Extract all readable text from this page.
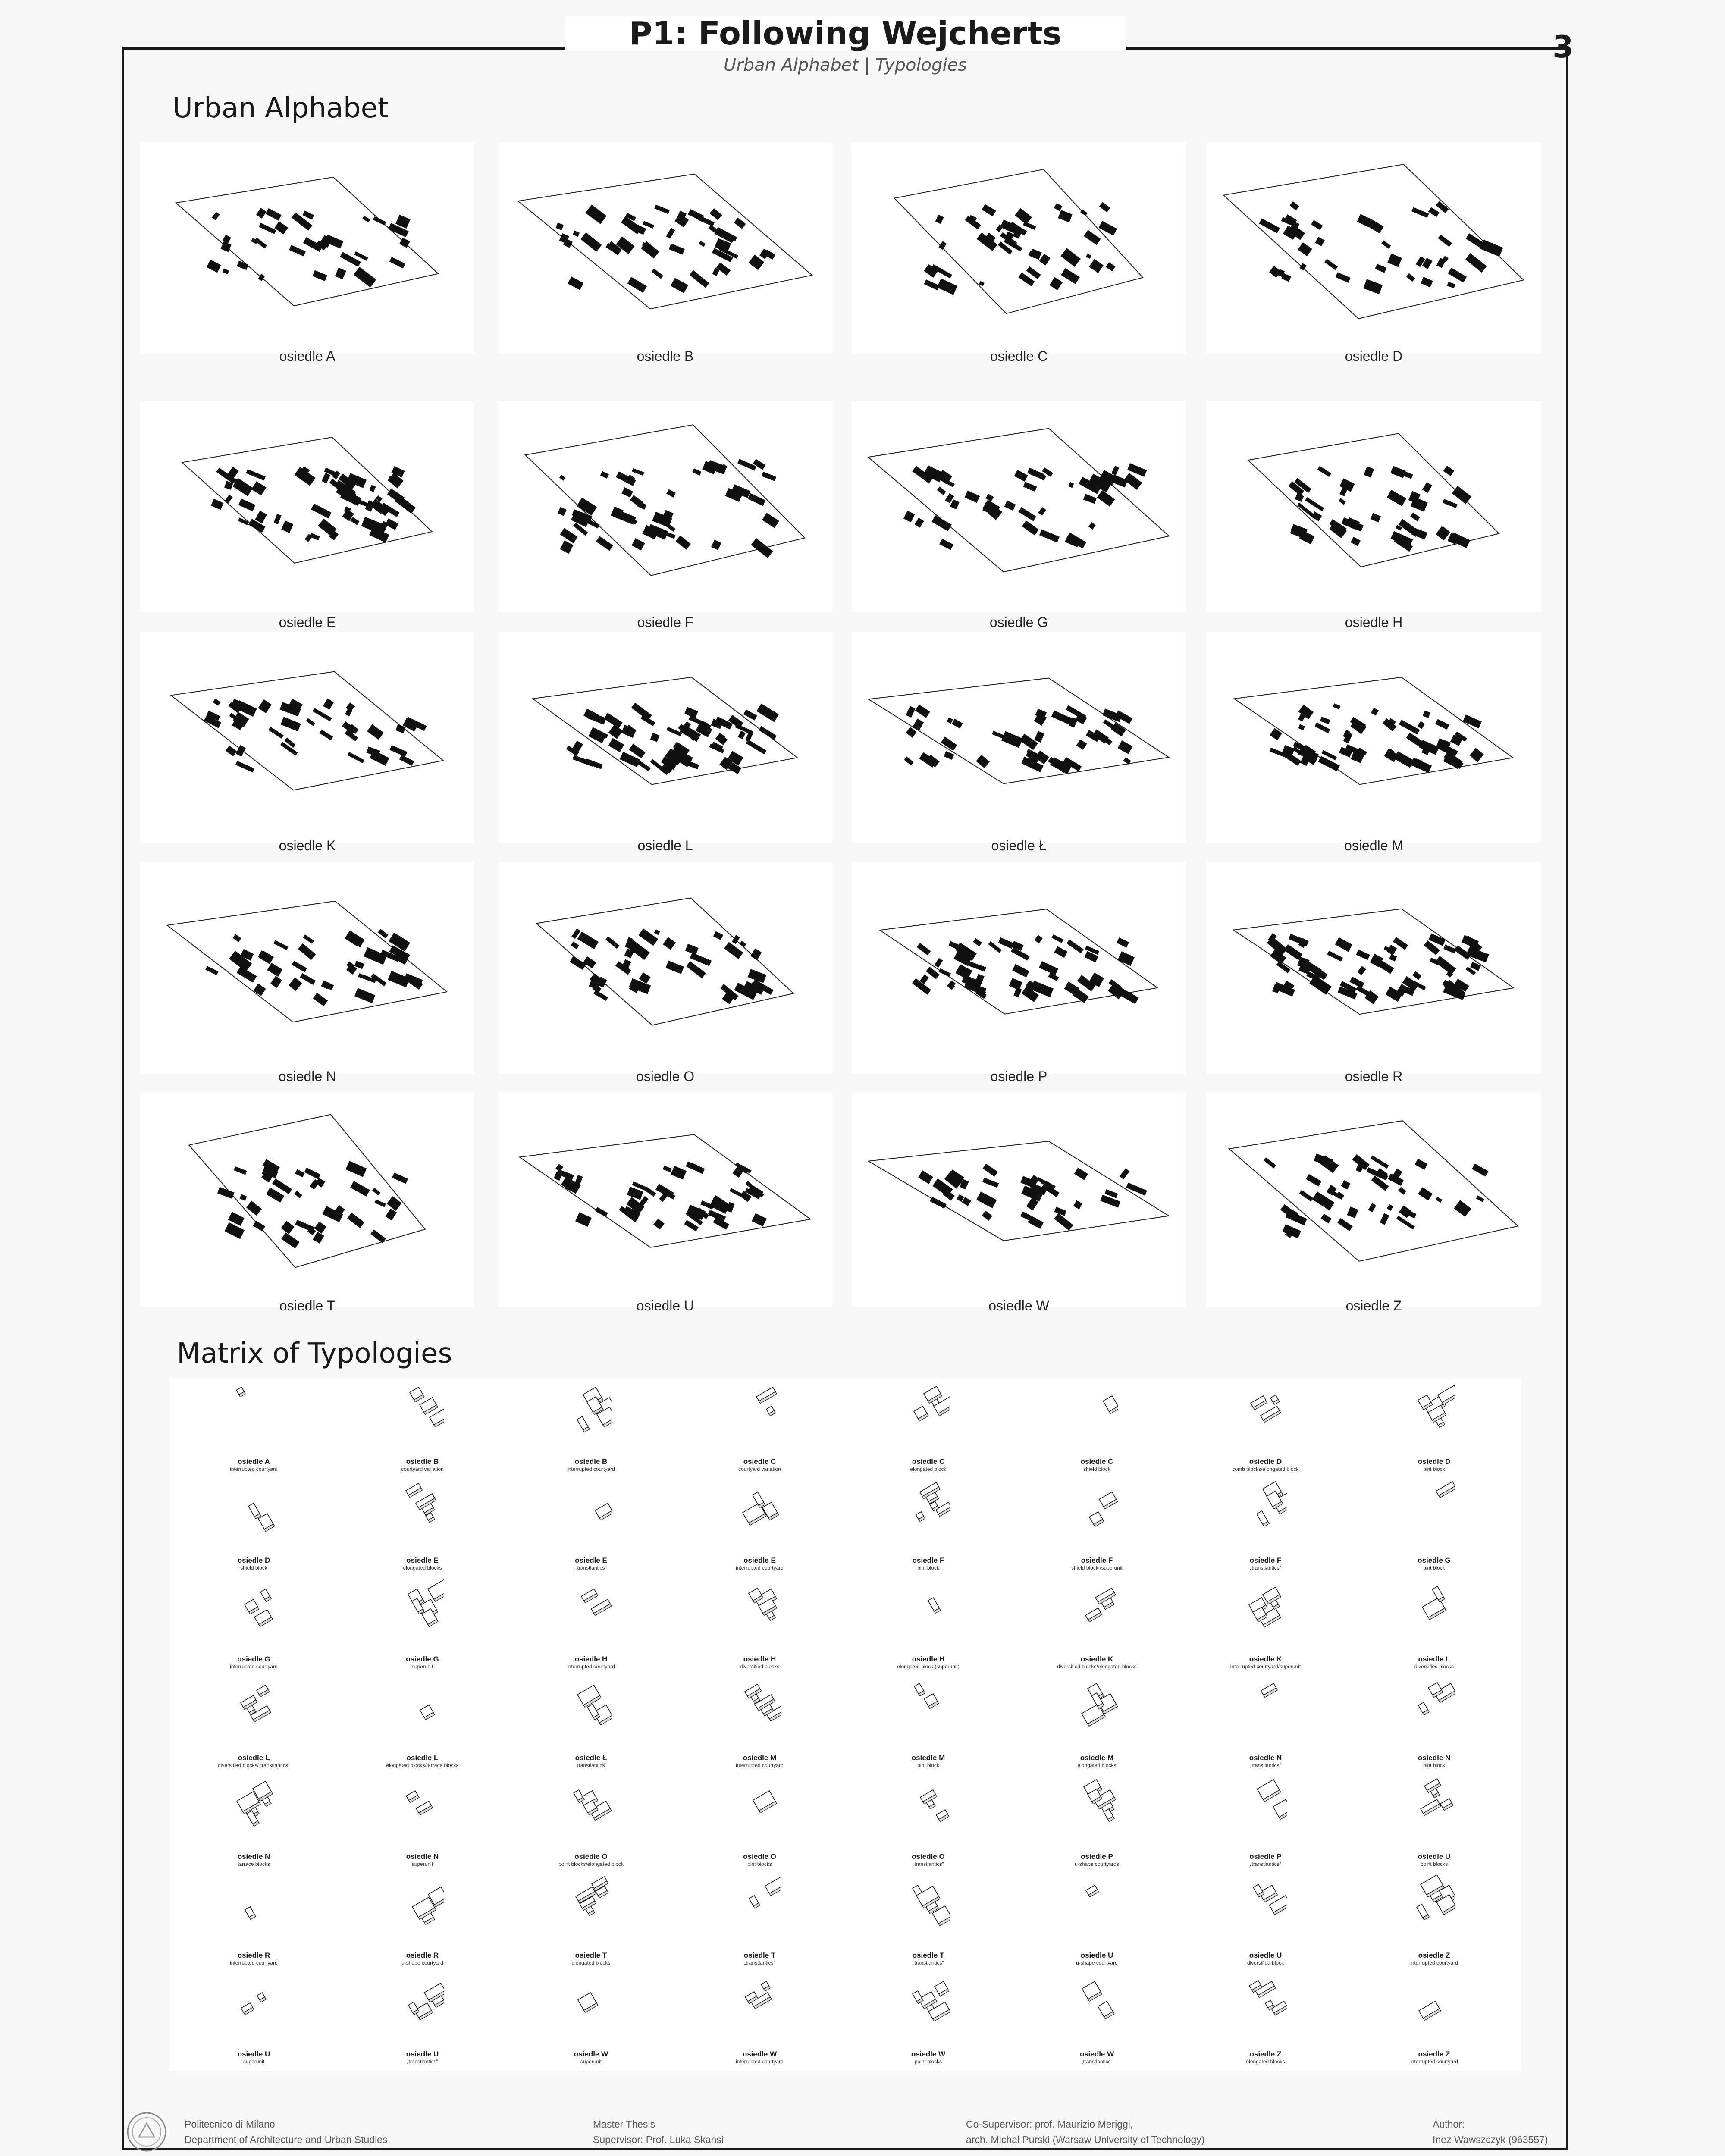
P1: Following Wejcherts
Urban Alphabet | Typologies
3
Urban Alphabet
osiedle A	osiedle B	osiedle C	osiedle D
osiedle E	osiedle F	osiedle G	osiedle H
osiedle K	osiedle L	osiedle Ł	osiedle M
osiedle N	osiedle O	osiedle P	osiedle R
osiedle T	osiedle U	osiedle W	osiedle Z
Matrix of Typologies
osiedle A
interrupted courtyard
osiedle B
courtyard variation
osiedle B
interrupted courtyard
osiedle C
courtyard variation
osiedle C
elongated block
osiedle C
shield block
osiedle D
comb blocks/elongated block
osiedle D
pint block
osiedle D
shield block
osiedle E
elongated blocks
osiedle E
„transtlantics”
osiedle E
interrupted courtyard
osiedle F
pint block
osiedle F
shield block /superunit
osiedle F
„transtlantics”
osiedle G
pint block
osiedle G
interrupted courtyard
osiedle G
superunit
osiedle H
interrupted courtyard
osiedle H
diversified blocks
osiedle H
elongated block (superunit)
osiedle K
diversified blocks/elongated blocks
osiedle K
interrupted courtyard/superunit
osiedle L
diversified blocks
osiedle L
diversified blocks/„transtlantics”
osiedle L
elongated blocks/tarrace blocks
osiedle Ł
„transtlantics”
osiedle M
interrupted courtyard
osiedle M
pint block
osiedle M
elongated blocks
osiedle N
„transtlantics”
osiedle N
pint block
osiedle N
tarrace blocks
osiedle N
superunit
osiedle O
point blocks/elongated block
osiedle O
pint blocks
osiedle O
„transtlantics”
osiedle P
u-shape courtyards
osiedle P
„transtlantics”
osiedle U
point blocks
osiedle R
interrupted courtyard
osiedle R
u-shape courtyard
osiedle T
elongated blocks
osiedle T
„transtlantics”
osiedle T
„transtlantics”
osiedle U
u-shape courtyard
osiedle U
diversified block
osiedle Z
interrupted courtyard
osiedle U
superunit
osiedle U
„transtlantics”
osiedle W
superunit
osiedle W
interrupted courtyard
osiedle W
point blocks
osiedle W
„transtlantics”
osiedle Z
elongated blocks
osiedle Z
interrupted courtyard
Politecnico di Milano
Department of Architecture and Urban Studies
Master Thesis
Supervisor: Prof. Luka Skansi
Co-Supervisor: prof. Maurizio Meriggi,
arch. Michał Purski (Warsaw University of Technology)
Author:
Inez Wawszczyk (963557)
